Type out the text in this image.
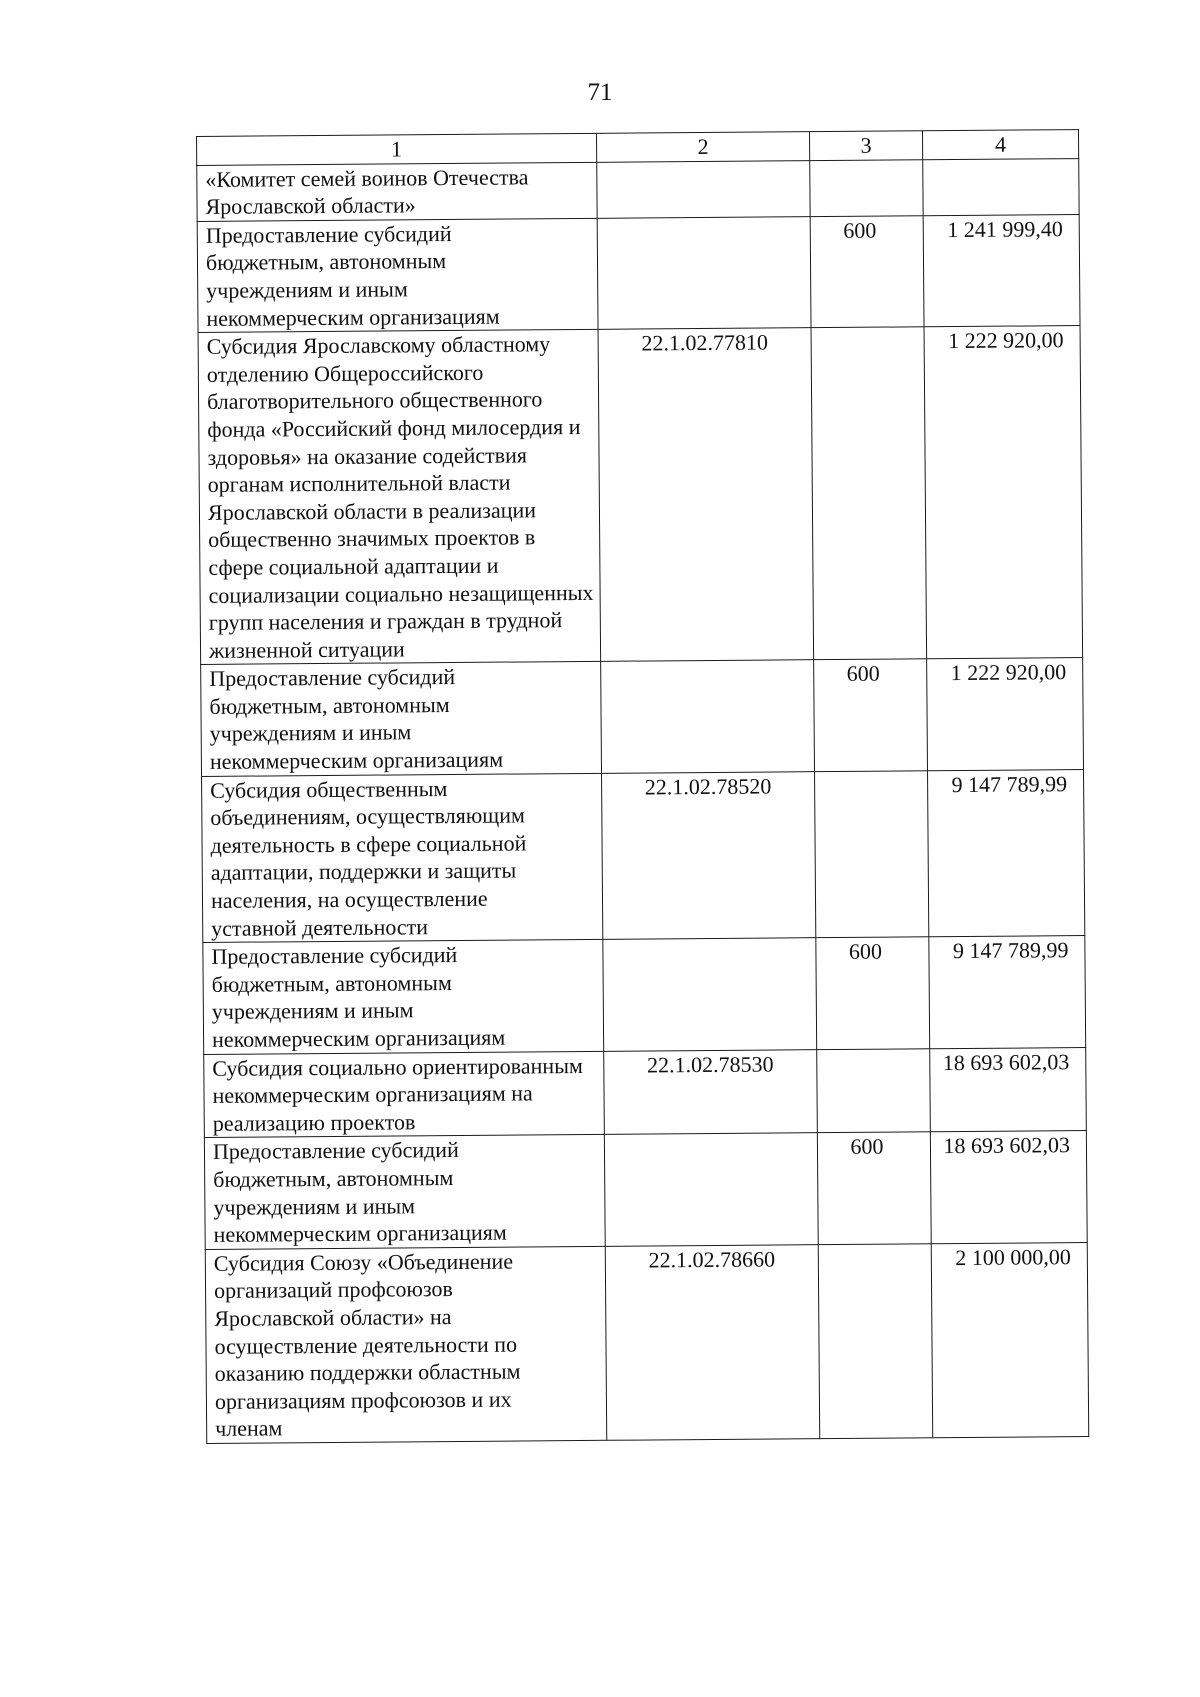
71
1	2	3	4

«Комитет семей воинов Отечества Ярославской области»			

Предоставление субсидий бюджетным, автономным учреждениям и иным некоммерческим организациям		600	1 241 999,40

Субсидия Ярославскому областному отделению Общероссийского благотворительного общественного фонда «Российский фонд милосердия и здоровья» на оказание содействия органам исполнительной власти Ярославской области в реализации общественно значимых проектов в сфере социальной адаптации и социализации социально незащищенных групп населения и граждан в трудной жизненной ситуации	22.1.02.77810		1 222 920,00

Предоставление субсидий бюджетным, автономным учреждениям и иным некоммерческим организациям		600	1 222 920,00

Субсидия общественным объединениям, осуществляющим деятельность в сфере социальной адаптации, поддержки и защиты населения, на осуществление уставной деятельности	22.1.02.78520		9 147 789,99

Предоставление субсидий бюджетным, автономным учреждениям и иным некоммерческим организациям		600	9 147 789,99

Субсидия социально ориентированным некоммерческим организациям на реализацию проектов	22.1.02.78530		18 693 602,03

Предоставление субсидий бюджетным, автономным учреждениям и иным некоммерческим организациям		600	18 693 602,03

Субсидия Союзу «Объединение организаций профсоюзов Ярославской области» на осуществление деятельности по оказанию поддержки областным организациям профсоюзов и их членам	22.1.02.78660		2 100 000,00
